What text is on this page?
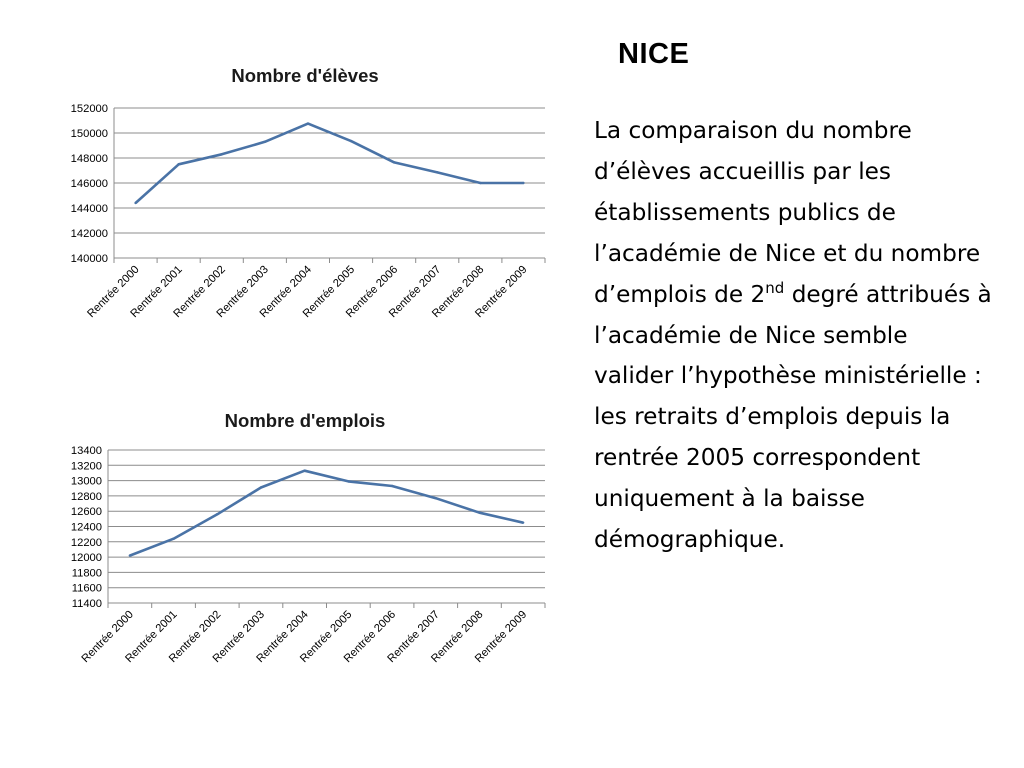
NICE
La comparaison du nombre d’élèves accueillis par les établissements publics de l’académie de Nice et du nombre d’emplois de 2nd degré attribués à l’académie de Nice semble valider l’hypothèse ministérielle : les retraits d’emplois depuis la rentrée 2005 correspondent uniquement à la baisse démographique.
Nombre d'élèves
140000
142000
144000
146000
148000
150000
152000
Rentrée 2000
Rentrée 2001
Rentrée 2002
Rentrée 2003
Rentrée 2004
Rentrée 2005
Rentrée 2006
Rentrée 2007
Rentrée 2008
Rentrée 2009
Nombre d'emplois
11400
11600
11800
12000
12200
12400
12600
12800
13000
13200
13400
Rentrée 2000
Rentrée 2001
Rentrée 2002
Rentrée 2003
Rentrée 2004
Rentrée 2005
Rentrée 2006
Rentrée 2007
Rentrée 2008
Rentrée 2009
